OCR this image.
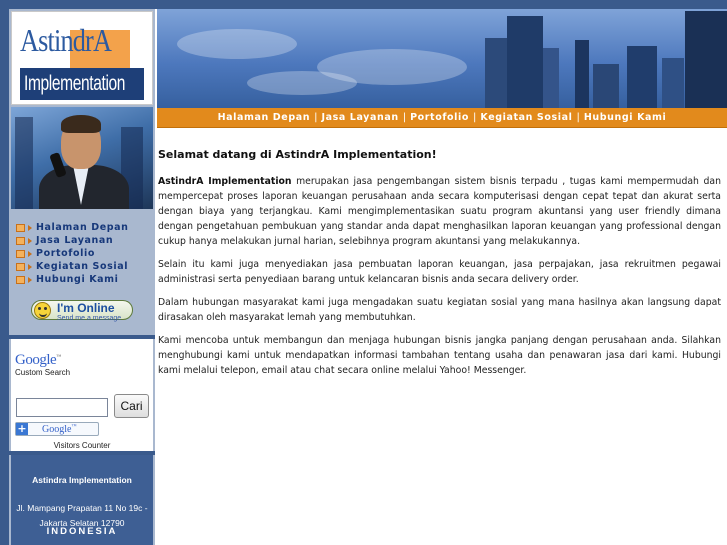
AstindrA
Implementation
Halaman Depan
Jasa Layanan
Portofolio
Kegiatan Sosial
Hubungi Kami
I'm Online
Send me a message
Google™
Custom Search
Cari
+ Google™
Visitors Counter
Astindra Implementation
Jl. Mampang Prapatan 11 No 19c - Jakarta Selatan 12790
INDONESIA
Halaman Depan | Jasa Layanan | Portofolio | Kegiatan Sosial | Hubungi Kami
Selamat datang di AstindrA Implementation!

AstindrA Implementation merupakan jasa pengembangan sistem bisnis terpadu , tugas kami mempermudah dan mempercepat proses laporan keuangan perusahaan anda secara komputerisasi dengan cepat tepat dan akurat serta dengan biaya yang terjangkau. Kami mengimplementasikan suatu program akuntansi yang user friendly dimana dengan pengetahuan pembukuan yang standar anda dapat menghasilkan laporan keuangan yang professional dengan cukup hanya melakukan jurnal harian, selebihnya program akuntansi yang melakukannya.

Selain itu kami juga menyediakan jasa pembuatan laporan keuangan, jasa perpajakan, jasa rekruitmen pegawai administrasi serta penyediaan barang untuk kelancaran bisnis anda secara delivery order.

Dalam hubungan masyarakat kami juga mengadakan suatu kegiatan sosial yang mana hasilnya akan langsung dapat dirasakan oleh masyarakat lemah yang membutuhkan.

Kami mencoba untuk membangun dan menjaga hubungan bisnis jangka panjang dengan perusahaan anda. Silahkan menghubungi kami untuk mendapatkan informasi tambahan tentang usaha dan penawaran jasa dari kami. Hubungi kami melalui telepon, email atau chat secara online melalui Yahoo! Messenger.
